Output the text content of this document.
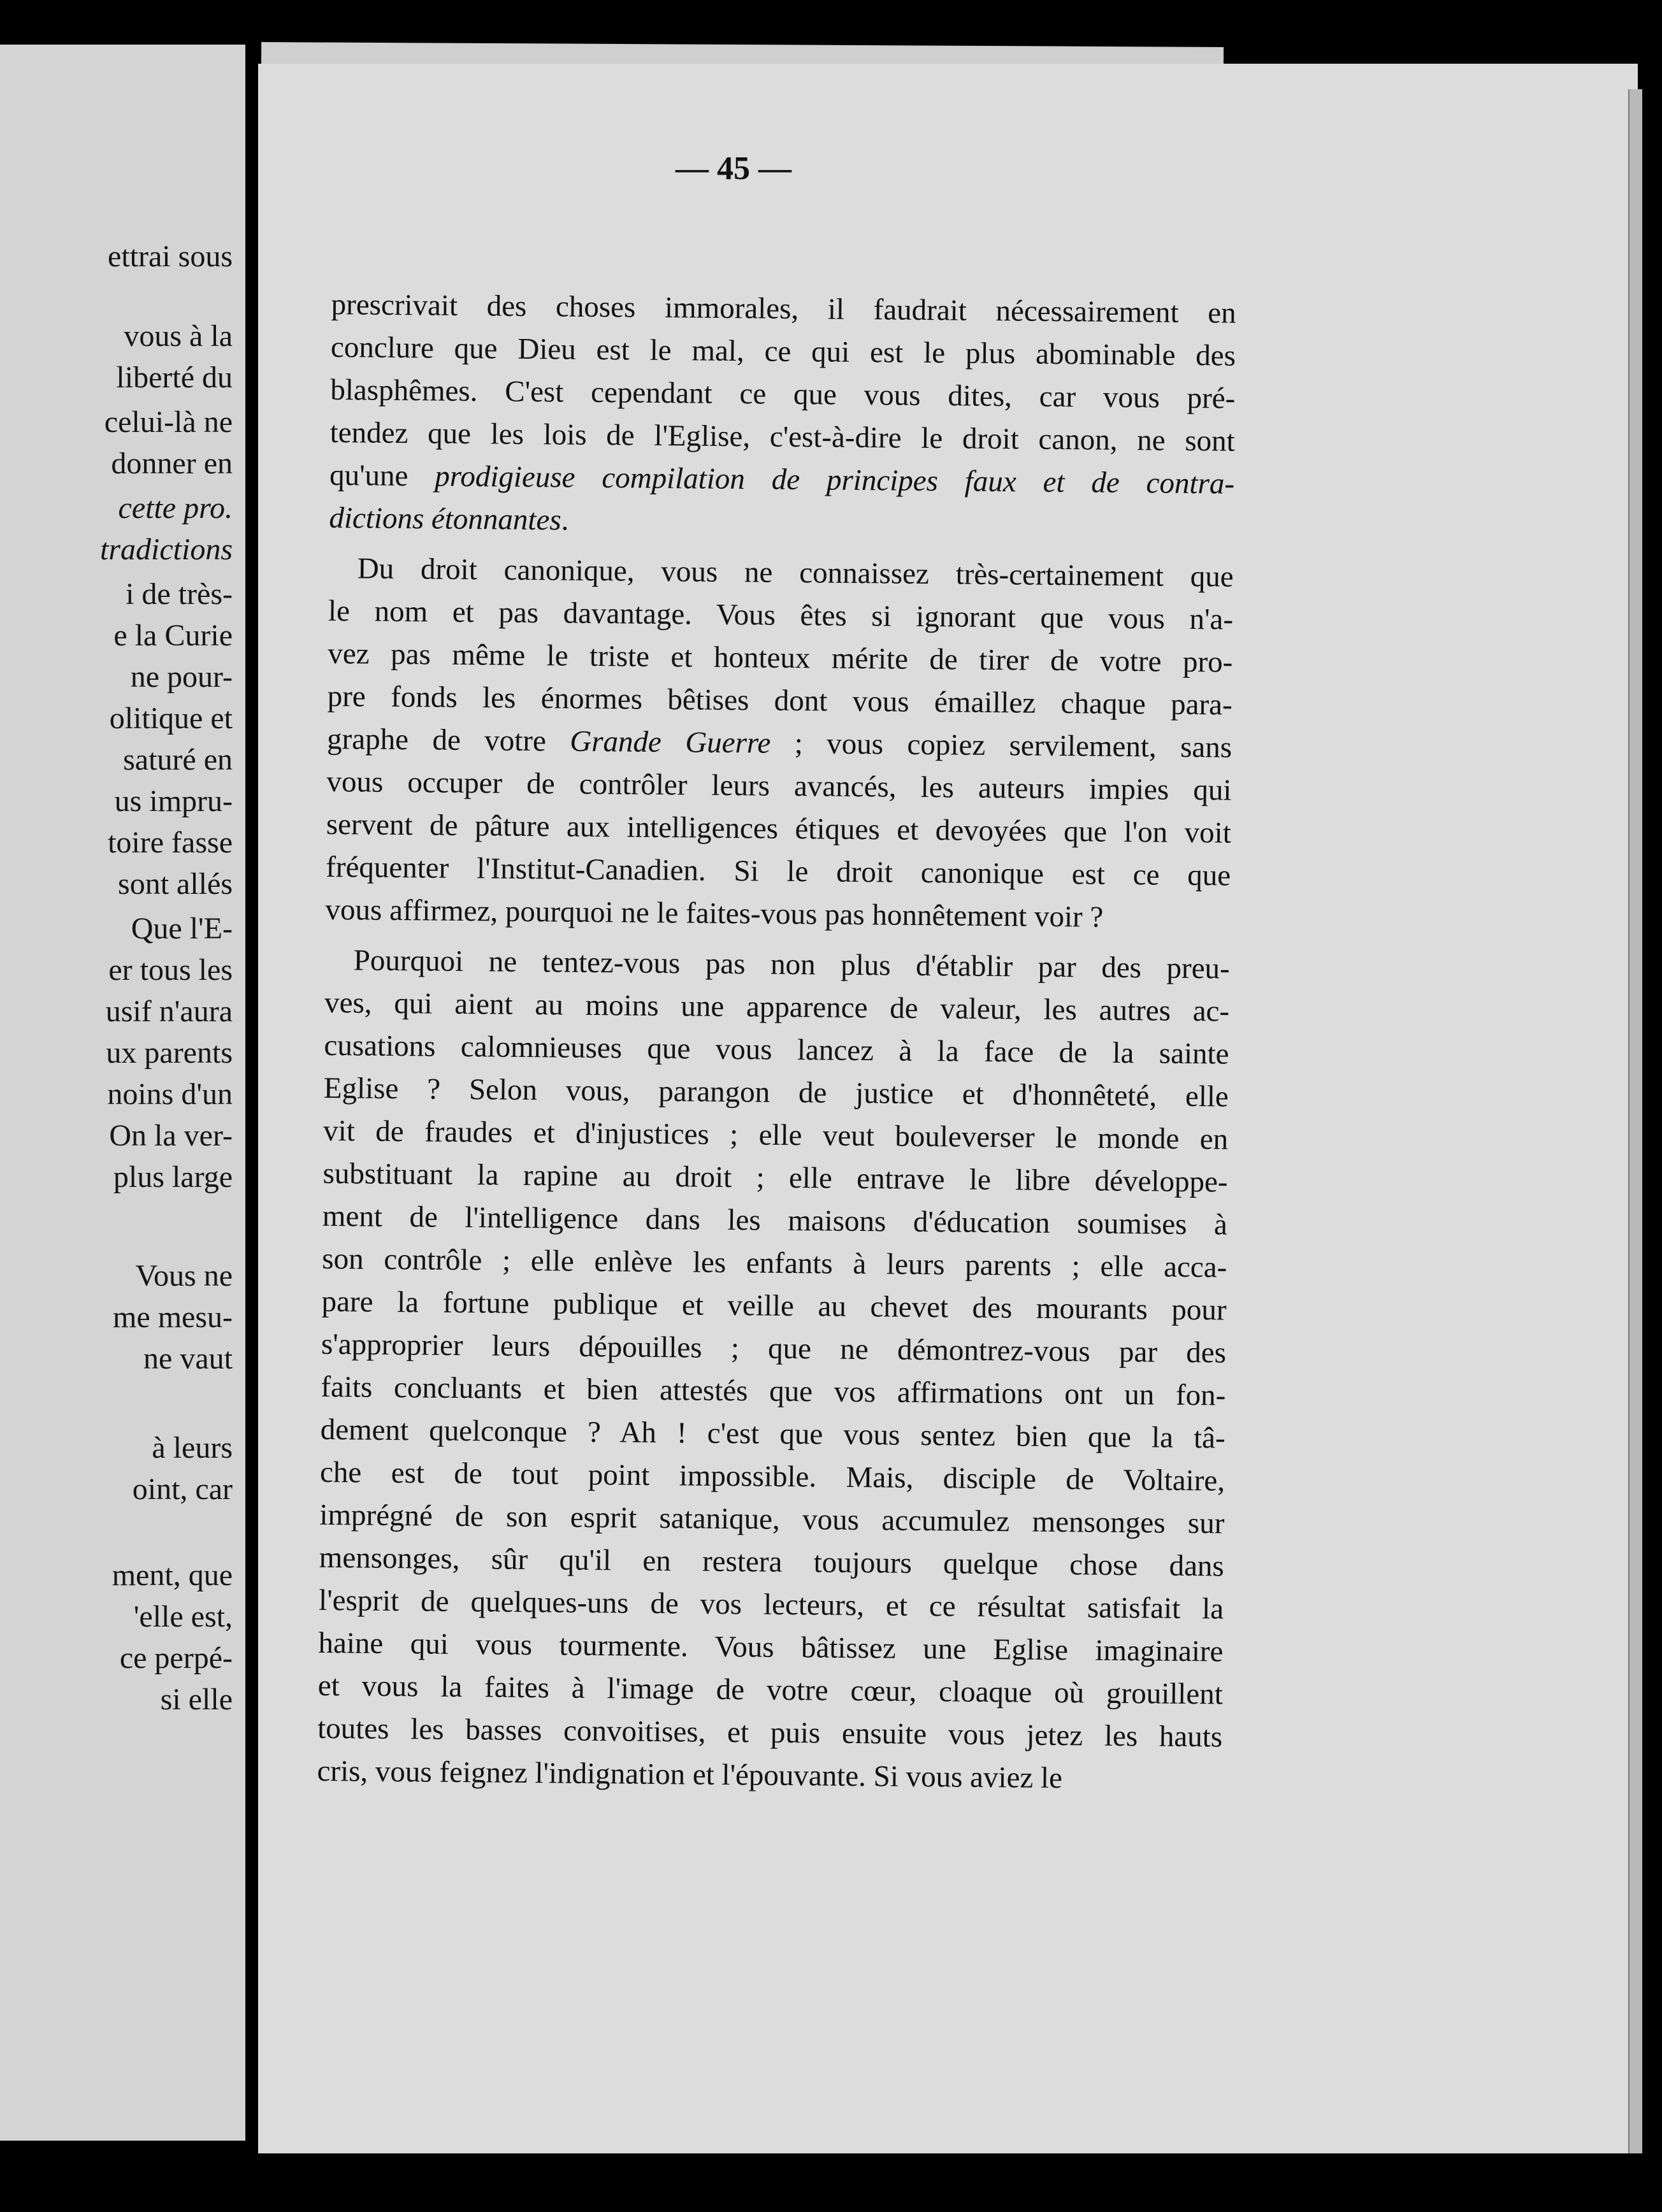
ettrai sous
vous à la
liberté du
celui-là ne
donner en
cette pro.
tradictions
i de très-
e la Curie
ne pour-
olitique et
saturé en
us impru-
toire fasse
sont allés
Que l'E-
er tous les
usif n'aura
ux parents
noins d'un
On la ver-
plus large
Vous ne
me mesu-
ne vaut
à leurs
oint, car
ment, que
'elle est,
ce perpé-
si elle
— 45 —
prescrivait des choses immorales, il faudrait nécessairement en
conclure que Dieu est le mal, ce qui est le plus abominable des
blasphêmes. C'est cependant ce que vous dites, car vous pré-
tendez que les lois de l'Eglise, c'est-à-dire le droit canon, ne sont
qu'une prodigieuse compilation de principes faux et de contra-
dictions étonnantes.
Du droit canonique, vous ne connaissez très-certainement que
le nom et pas davantage. Vous êtes si ignorant que vous n'a-
vez pas même le triste et honteux mérite de tirer de votre pro-
pre fonds les énormes bêtises dont vous émaillez chaque para-
graphe de votre Grande Guerre ; vous copiez servilement, sans
vous occuper de contrôler leurs avancés, les auteurs impies qui
servent de pâture aux intelligences étiques et devoyées que l'on voit
fréquenter l'Institut-Canadien. Si le droit canonique est ce que
vous affirmez, pourquoi ne le faites-vous pas honnêtement voir ?
Pourquoi ne tentez-vous pas non plus d'établir par des preu-
ves, qui aient au moins une apparence de valeur, les autres ac-
cusations calomnieuses que vous lancez à la face de la sainte
Eglise ? Selon vous, parangon de justice et d'honnêteté, elle
vit de fraudes et d'injustices ; elle veut bouleverser le monde en
substituant la rapine au droit ; elle entrave le libre développe-
ment de l'intelligence dans les maisons d'éducation soumises à
son contrôle ; elle enlève les enfants à leurs parents ; elle acca-
pare la fortune publique et veille au chevet des mourants pour
s'approprier leurs dépouilles ; que ne démontrez-vous par des
faits concluants et bien attestés que vos affirmations ont un fon-
dement quelconque ? Ah ! c'est que vous sentez bien que la tâ-
che est de tout point impossible. Mais, disciple de Voltaire,
imprégné de son esprit satanique, vous accumulez mensonges sur
mensonges, sûr qu'il en restera toujours quelque chose dans
l'esprit de quelques-uns de vos lecteurs, et ce résultat satisfait la
haine qui vous tourmente. Vous bâtissez une Eglise imaginaire
et vous la faites à l'image de votre cœur, cloaque où grouillent
toutes les basses convoitises, et puis ensuite vous jetez les hauts
cris, vous feignez l'indignation et l'épouvante. Si vous aviez le
